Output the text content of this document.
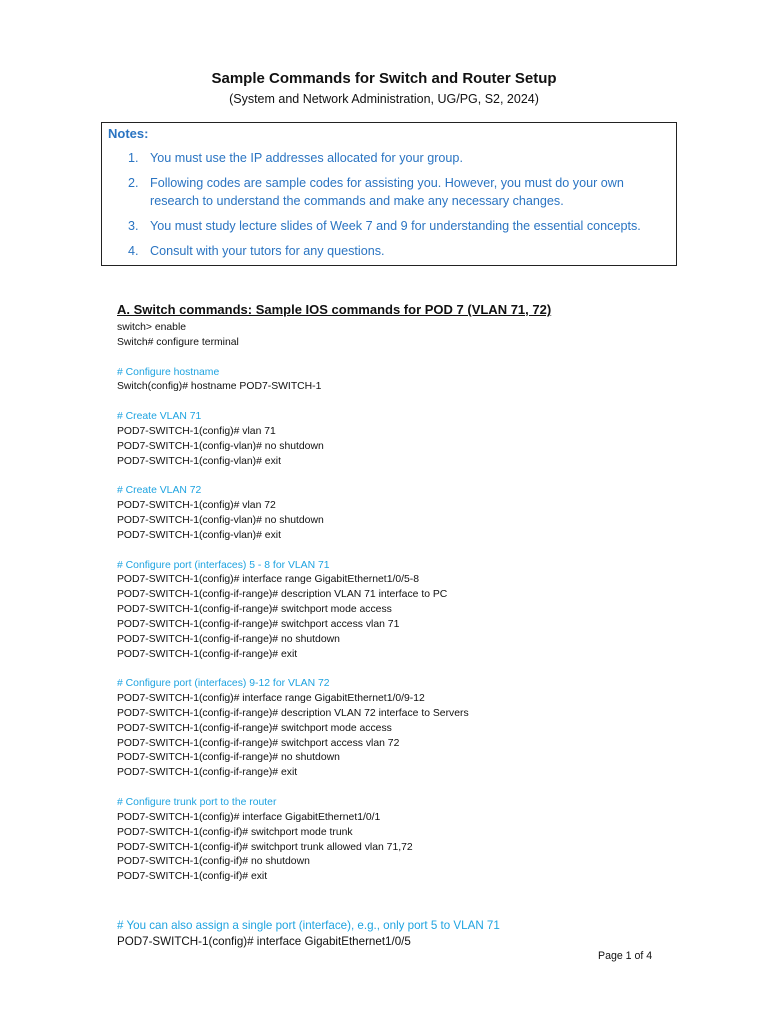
Sample Commands for Switch and Router Setup
(System and Network Administration, UG/PG, S2, 2024)
Notes:
1. You must use the IP addresses allocated for your group.
2. Following codes are sample codes for assisting you. However, you must do your own research to understand the commands and make any necessary changes.
3. You must study lecture slides of Week 7 and 9 for understanding the essential concepts.
4. Consult with your tutors for any questions.
A. Switch commands: Sample IOS commands for POD 7 (VLAN 71, 72)
switch> enable
Switch# configure terminal
# Configure hostname
Switch(config)# hostname POD7-SWITCH-1
# Create VLAN 71
POD7-SWITCH-1(config)# vlan 71
POD7-SWITCH-1(config-vlan)# no shutdown
POD7-SWITCH-1(config-vlan)# exit
# Create VLAN 72
POD7-SWITCH-1(config)# vlan 72
POD7-SWITCH-1(config-vlan)# no shutdown
POD7-SWITCH-1(config-vlan)# exit
# Configure port (interfaces) 5 - 8 for VLAN 71
POD7-SWITCH-1(config)# interface range GigabitEthernet1/0/5-8
POD7-SWITCH-1(config-if-range)# description VLAN 71 interface to PC
POD7-SWITCH-1(config-if-range)# switchport mode access
POD7-SWITCH-1(config-if-range)# switchport access vlan 71
POD7-SWITCH-1(config-if-range)# no shutdown
POD7-SWITCH-1(config-if-range)# exit
# Configure port (interfaces) 9-12 for VLAN 72
POD7-SWITCH-1(config)# interface range GigabitEthernet1/0/9-12
POD7-SWITCH-1(config-if-range)# description VLAN 72 interface to Servers
POD7-SWITCH-1(config-if-range)# switchport mode access
POD7-SWITCH-1(config-if-range)# switchport access vlan 72
POD7-SWITCH-1(config-if-range)# no shutdown
POD7-SWITCH-1(config-if-range)# exit
# Configure trunk port to the router
POD7-SWITCH-1(config)# interface GigabitEthernet1/0/1
POD7-SWITCH-1(config-if)# switchport mode trunk
POD7-SWITCH-1(config-if)# switchport trunk allowed vlan 71,72
POD7-SWITCH-1(config-if)# no shutdown
POD7-SWITCH-1(config-if)# exit
# You can also assign a single port (interface), e.g., only port 5 to VLAN 71
POD7-SWITCH-1(config)# interface GigabitEthernet1/0/5
Page 1 of 4
